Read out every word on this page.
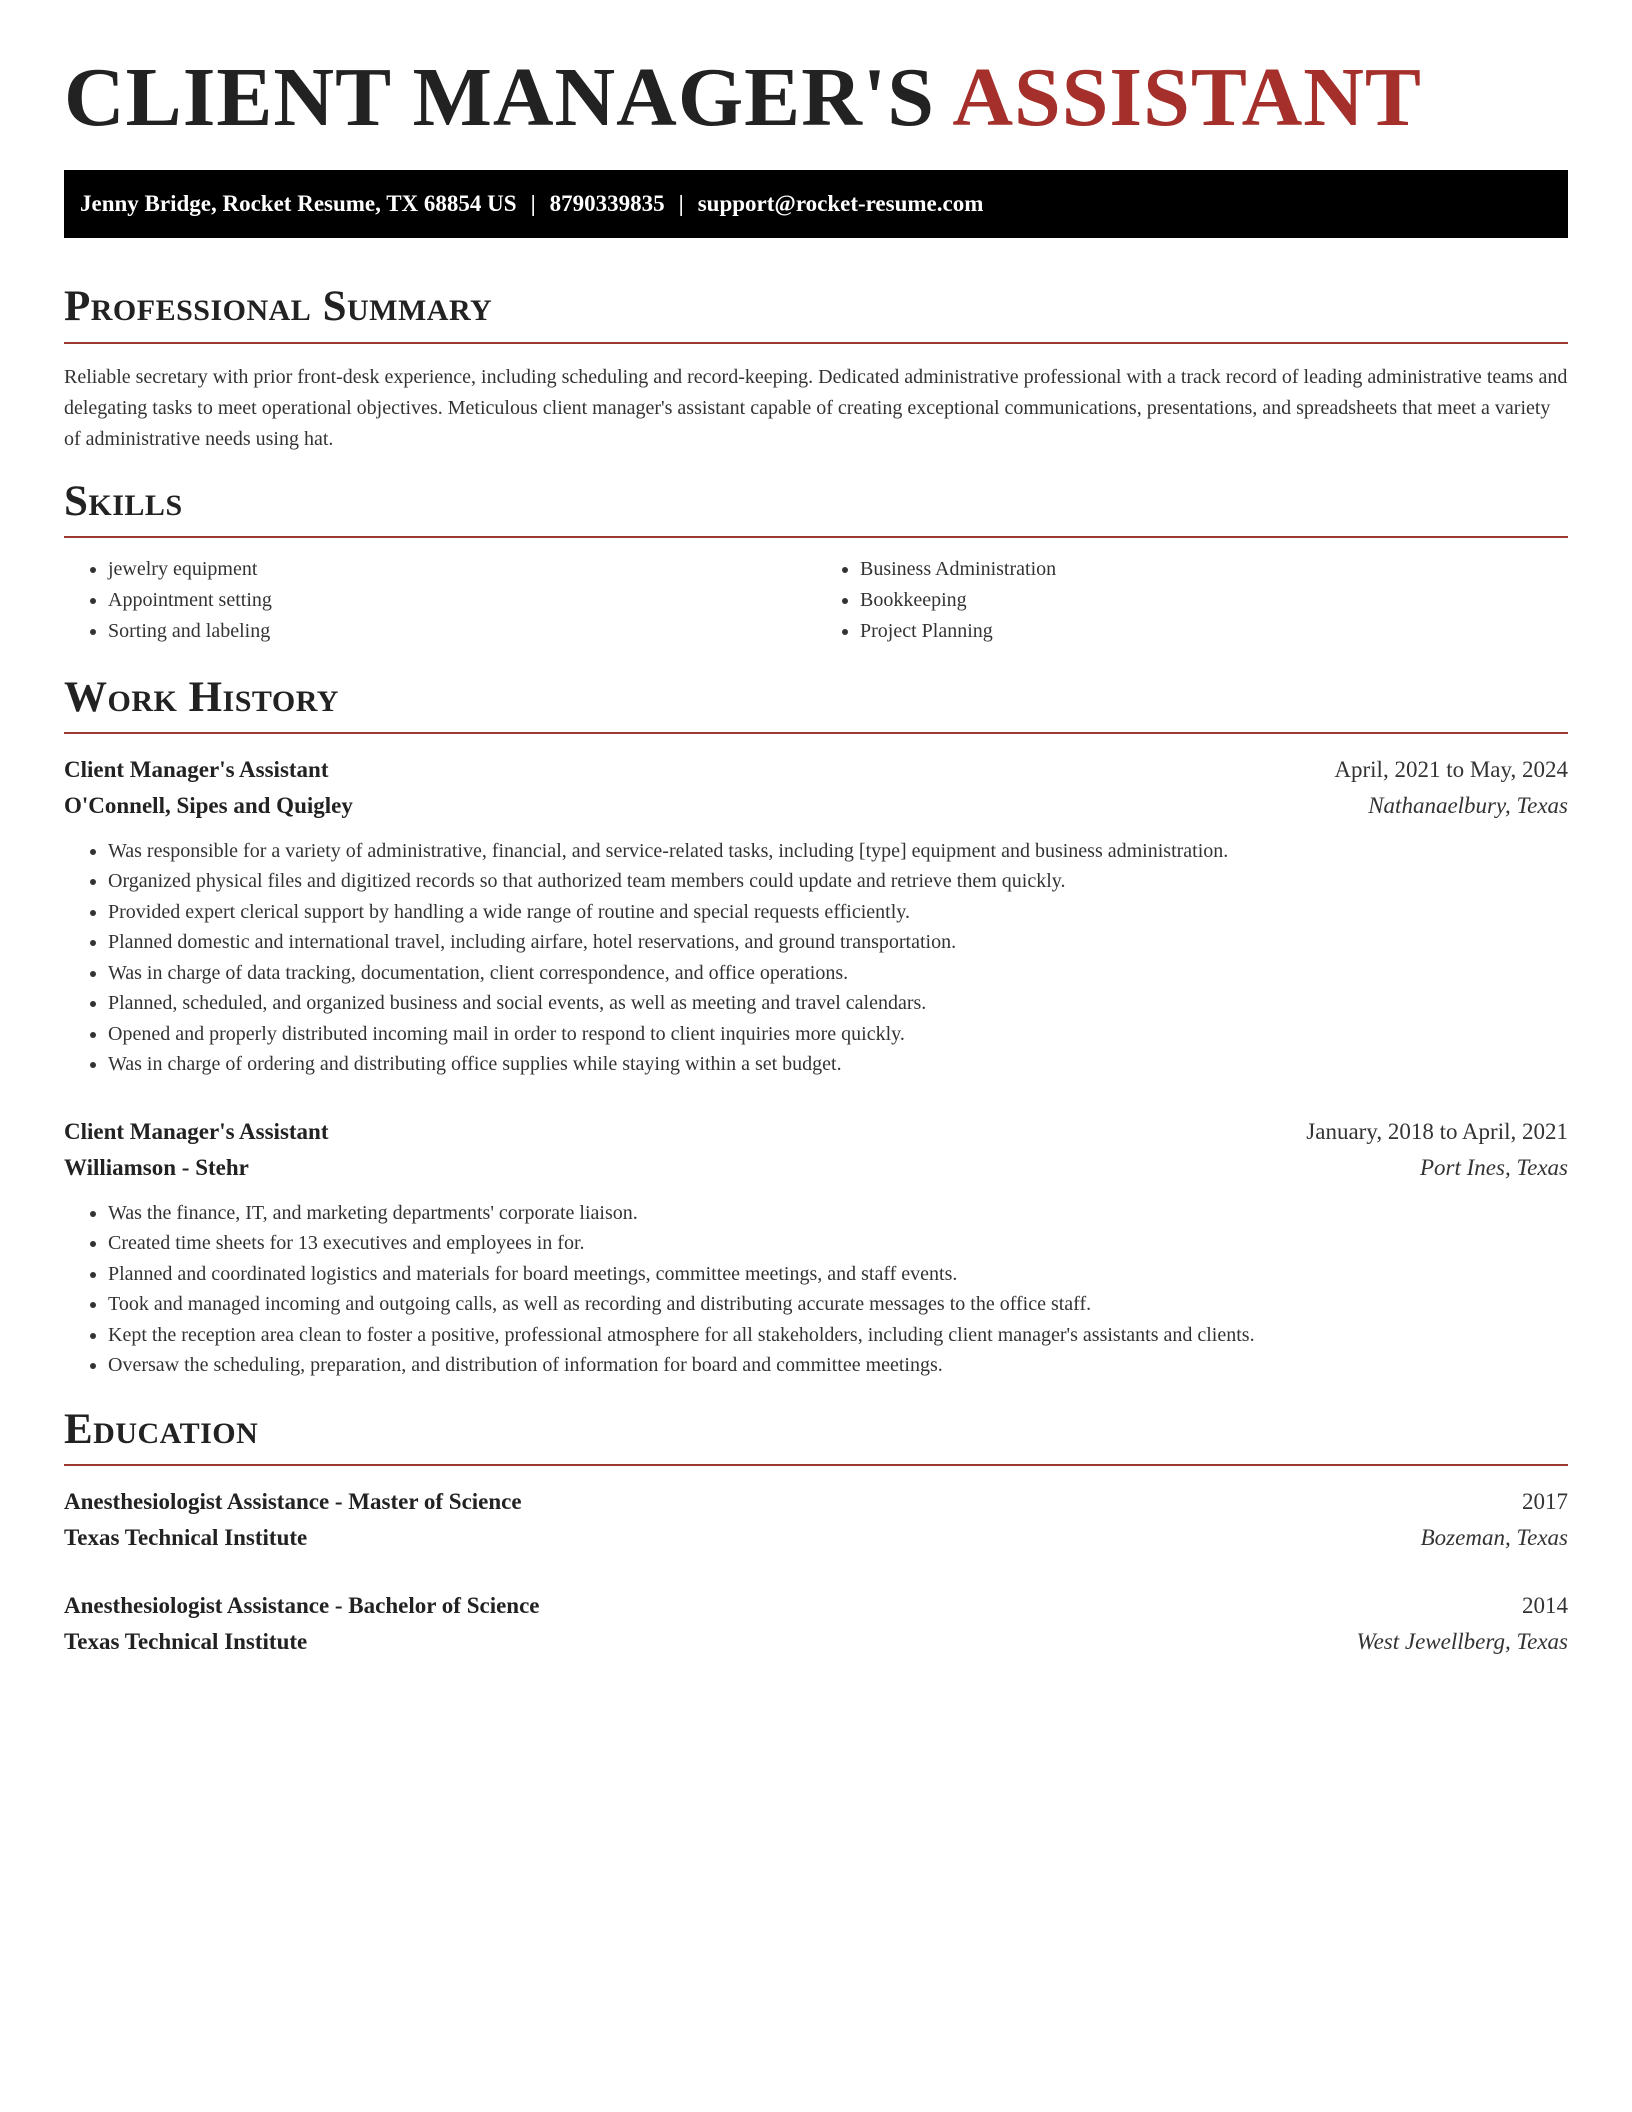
CLIENT MANAGER'S ASSISTANT
Jenny Bridge, Rocket Resume, TX 68854 US | 8790339835 | support@rocket-resume.com
Professional Summary

Reliable secretary with prior front-desk experience, including scheduling and record-keeping. Dedicated administrative professional with a track record of leading administrative teams and delegating tasks to meet operational objectives. Meticulous client manager's assistant capable of creating exceptional communications, presentations, and spreadsheets that meet a variety of administrative needs using hat.

Skills
• jewelry equipment
• Appointment setting
• Sorting and labeling
• Business Administration
• Bookkeeping
• Project Planning
Work History
Client Manager's Assistant	April, 2021 to May, 2024
O'Connell, Sipes and Quigley	Nathanaelbury, Texas
• Was responsible for a variety of administrative, financial, and service-related tasks, including [type] equipment and business administration.
• Organized physical files and digitized records so that authorized team members could update and retrieve them quickly.
• Provided expert clerical support by handling a wide range of routine and special requests efficiently.
• Planned domestic and international travel, including airfare, hotel reservations, and ground transportation.
• Was in charge of data tracking, documentation, client correspondence, and office operations.
• Planned, scheduled, and organized business and social events, as well as meeting and travel calendars.
• Opened and properly distributed incoming mail in order to respond to client inquiries more quickly.
• Was in charge of ordering and distributing office supplies while staying within a set budget.
Client Manager's Assistant	January, 2018 to April, 2021
Williamson - Stehr	Port Ines, Texas
• Was the finance, IT, and marketing departments' corporate liaison.
• Created time sheets for 13 executives and employees in for.
• Planned and coordinated logistics and materials for board meetings, committee meetings, and staff events.
• Took and managed incoming and outgoing calls, as well as recording and distributing accurate messages to the office staff.
• Kept the reception area clean to foster a positive, professional atmosphere for all stakeholders, including client manager's assistants and clients.
• Oversaw the scheduling, preparation, and distribution of information for board and committee meetings.
Education
Anesthesiologist Assistance - Master of Science	2017
Texas Technical Institute	Bozeman, Texas
Anesthesiologist Assistance - Bachelor of Science	2014
Texas Technical Institute	West Jewellberg, Texas
